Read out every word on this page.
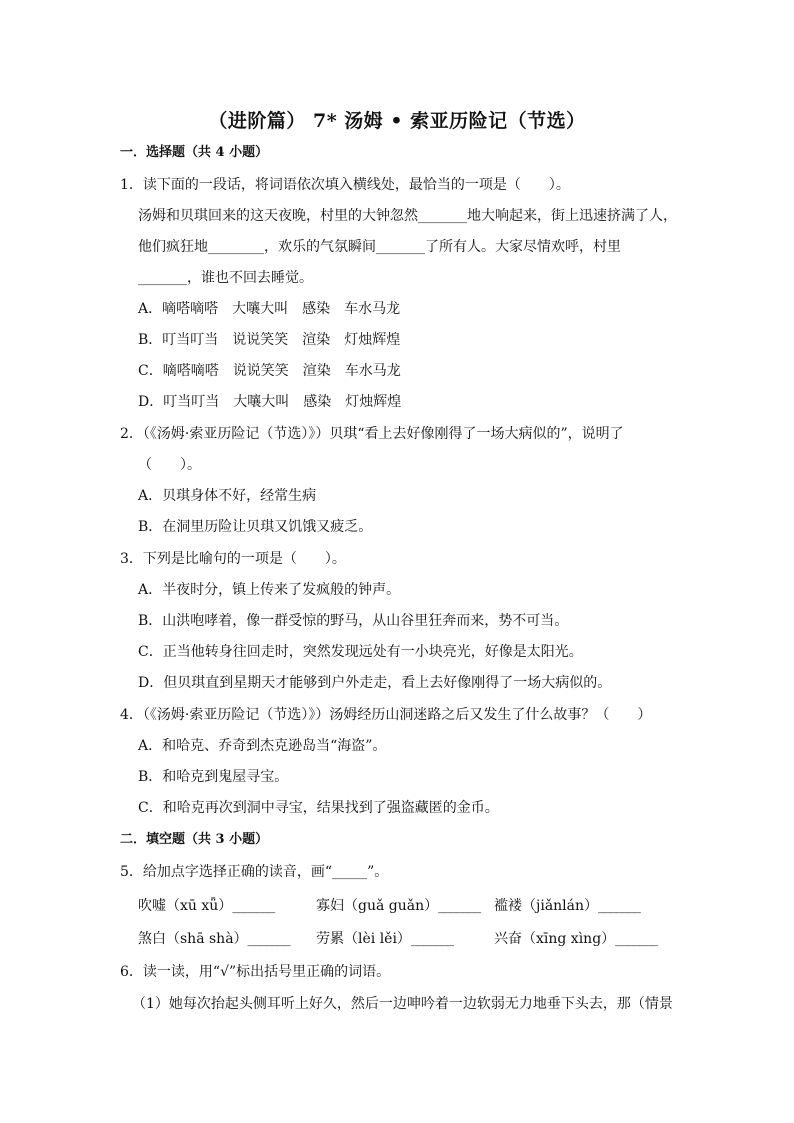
（进阶篇） 7* 汤姆 • 索亚历险记（节选）
一．选择题（共 4 小题）
1．读下面的一段话，将词语依次填入横线处，最恰当的一项是（　　）。
汤姆和贝琪回来的这天夜晚，村里的大钟忽然_______地大响起来，街上迅速挤满了人，
他们疯狂地________，欢乐的气氛瞬间_______了所有人。大家尽情欢呼，村里
_______，谁也不回去睡觉。
A．嘀嗒嘀嗒　大嚷大叫　感染　车水马龙
B．叮当叮当　说说笑笑　渲染　灯烛辉煌
C．嘀嗒嘀嗒　说说笑笑　渲染　车水马龙
D．叮当叮当　大嚷大叫　感染　灯烛辉煌
2．（《汤姆·索亚历险记（节选）》）贝琪“看上去好像刚得了一场大病似的”，说明了
（　　）。
A．贝琪身体不好，经常生病
B．在洞里历险让贝琪又饥饿又疲乏。
3．下列是比喻句的一项是（　　）。
A．半夜时分，镇上传来了发疯般的钟声。
B．山洪咆哮着，像一群受惊的野马，从山谷里狂奔而来，势不可当。
C．正当他转身往回走时，突然发现远处有一小块亮光，好像是太阳光。
D．但贝琪直到星期天才能够到户外走走，看上去好像刚得了一场大病似的。
4．（《汤姆·索亚历险记（节选）》）汤姆经历山洞迷路之后又发生了什么故事？（　　）
A．和哈克、乔奇到杰克逊岛当“海盗”。
B．和哈克到鬼屋寻宝。
C．和哈克再次到洞中寻宝，结果找到了强盗藏匿的金币。
二．填空题（共 3 小题）
5．给加点字选择正确的读音，画“_____”。
吹嘘（xū xǖ）_______	寡妇（guǎ guǎn）_______ 褴褛（jiǎnlán）_______
煞白（shā shà）_______ 劳累（lèi lěi）_______	兴奋（xīng xìng）_______
6．读一读，用“√”标出括号里正确的词语。
（1）她每次抬起头侧耳听上好久，然后一边呻吟着一边软弱无力地垂下头去，那（情景
